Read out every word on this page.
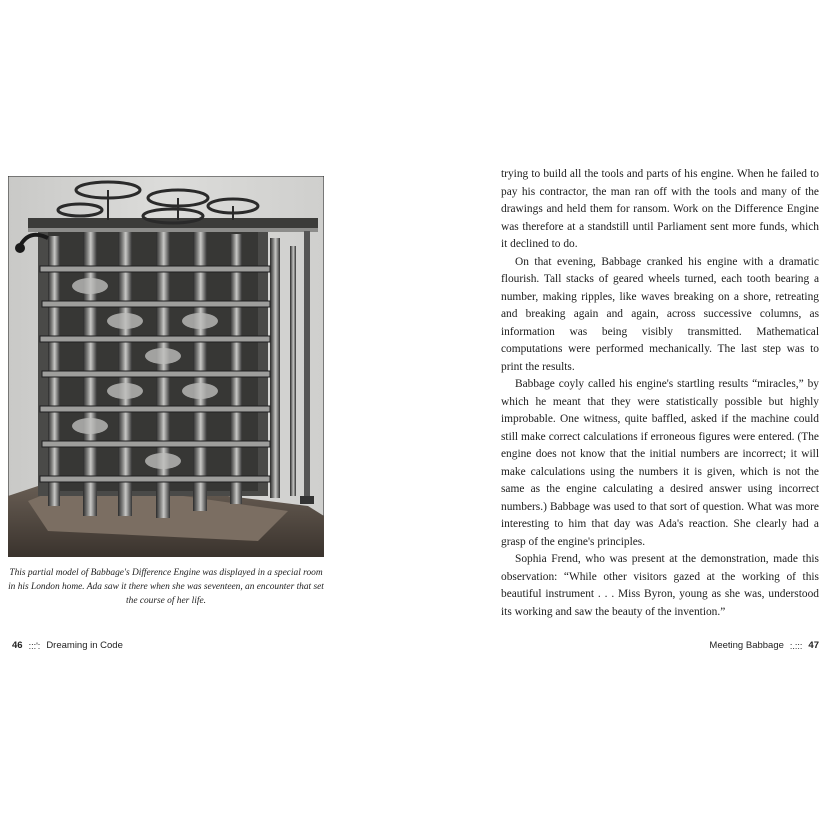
This partial model of Babbage's Difference Engine was displayed in a special room in his London home. Ada saw it there when she was seventeen, an encounter that set the course of her life.
46 :::': Dreaming in Code

trying to build all the tools and parts of his engine. When he failed to pay his contractor, the man ran off with the tools and many of the drawings and held them for ransom. Work on the Difference Engine was therefore at a standstill until Parliament sent more funds, which it declined to do.

On that evening, Babbage cranked his engine with a dramatic flourish. Tall stacks of geared wheels turned, each tooth bearing a number, making ripples, like waves breaking on a shore, retreating and breaking again and again, across successive columns, as information was being visibly transmitted. Mathematical computations were performed mechanically. The last step was to print the results.

Babbage coyly called his engine's startling results “miracles,” by which he meant that they were statistically possible but highly improbable. One witness, quite baffled, asked if the machine could still make correct calculations if erroneous figures were entered. (The engine does not know that the initial numbers are incorrect; it will make calculations using the numbers it is given, which is not the same as the engine calculating a desired answer using incorrect numbers.) Babbage was used to that sort of question. What was more interesting to him that day was Ada's reaction. She clearly had a grasp of the engine's principles.

Sophia Frend, who was present at the demonstration, made this observation: “While other visitors gazed at the working of this beautiful instrument . . . Miss Byron, young as she was, understood its working and saw the beauty of the invention.”

Meeting Babbage :.::: 47
